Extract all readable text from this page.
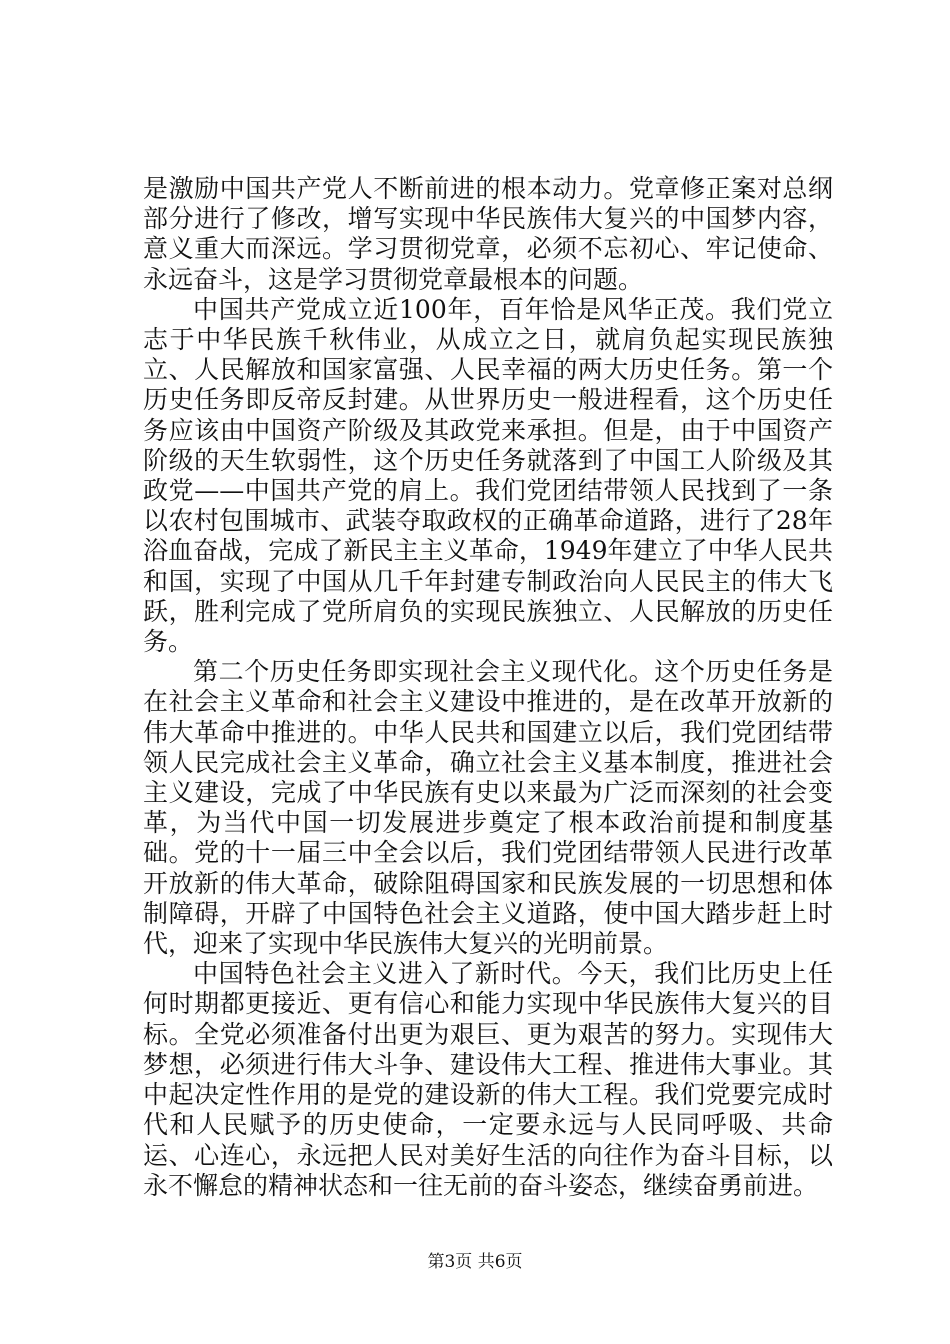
是激励中国共产党人不断前进的根本动力。党章修正案对总纲部分进行了修改，增写实现中华民族伟大复兴的中国梦内容，意义重大而深远。学习贯彻党章，必须不忘初心、牢记使命、永远奋斗，这是学习贯彻党章最根本的问题。

中国共产党成立近100年，百年恰是风华正茂。我们党立志于中华民族千秋伟业，从成立之日，就肩负起实现民族独立、人民解放和国家富强、人民幸福的两大历史任务。第一个历史任务即反帝反封建。从世界历史一般进程看，这个历史任务应该由中国资产阶级及其政党来承担。但是，由于中国资产阶级的天生软弱性，这个历史任务就落到了中国工人阶级及其政党——中国共产党的肩上。我们党团结带领人民找到了一条以农村包围城市、武装夺取政权的正确革命道路，进行了28年浴血奋战，完成了新民主主义革命，1949年建立了中华人民共和国，实现了中国从几千年封建专制政治向人民民主的伟大飞跃，胜利完成了党所肩负的实现民族独立、人民解放的历史任务。

第二个历史任务即实现社会主义现代化。这个历史任务是在社会主义革命和社会主义建设中推进的，是在改革开放新的伟大革命中推进的。中华人民共和国建立以后，我们党团结带领人民完成社会主义革命，确立社会主义基本制度，推进社会主义建设，完成了中华民族有史以来最为广泛而深刻的社会变革，为当代中国一切发展进步奠定了根本政治前提和制度基础。党的十一届三中全会以后，我们党团结带领人民进行改革开放新的伟大革命，破除阻碍国家和民族发展的一切思想和体制障碍，开辟了中国特色社会主义道路，使中国大踏步赶上时代，迎来了实现中华民族伟大复兴的光明前景。

中国特色社会主义进入了新时代。今天，我们比历史上任何时期都更接近、更有信心和能力实现中华民族伟大复兴的目标。全党必须准备付出更为艰巨、更为艰苦的努力。实现伟大梦想，必须进行伟大斗争、建设伟大工程、推进伟大事业。其中起决定性作用的是党的建设新的伟大工程。我们党要完成时代和人民赋予的历史使命，一定要永远与人民同呼吸、共命运、心连心，永远把人民对美好生活的向往作为奋斗目标，以永不懈怠的精神状态和一往无前的奋斗姿态，继续奋勇前进。

第3页 共6页
